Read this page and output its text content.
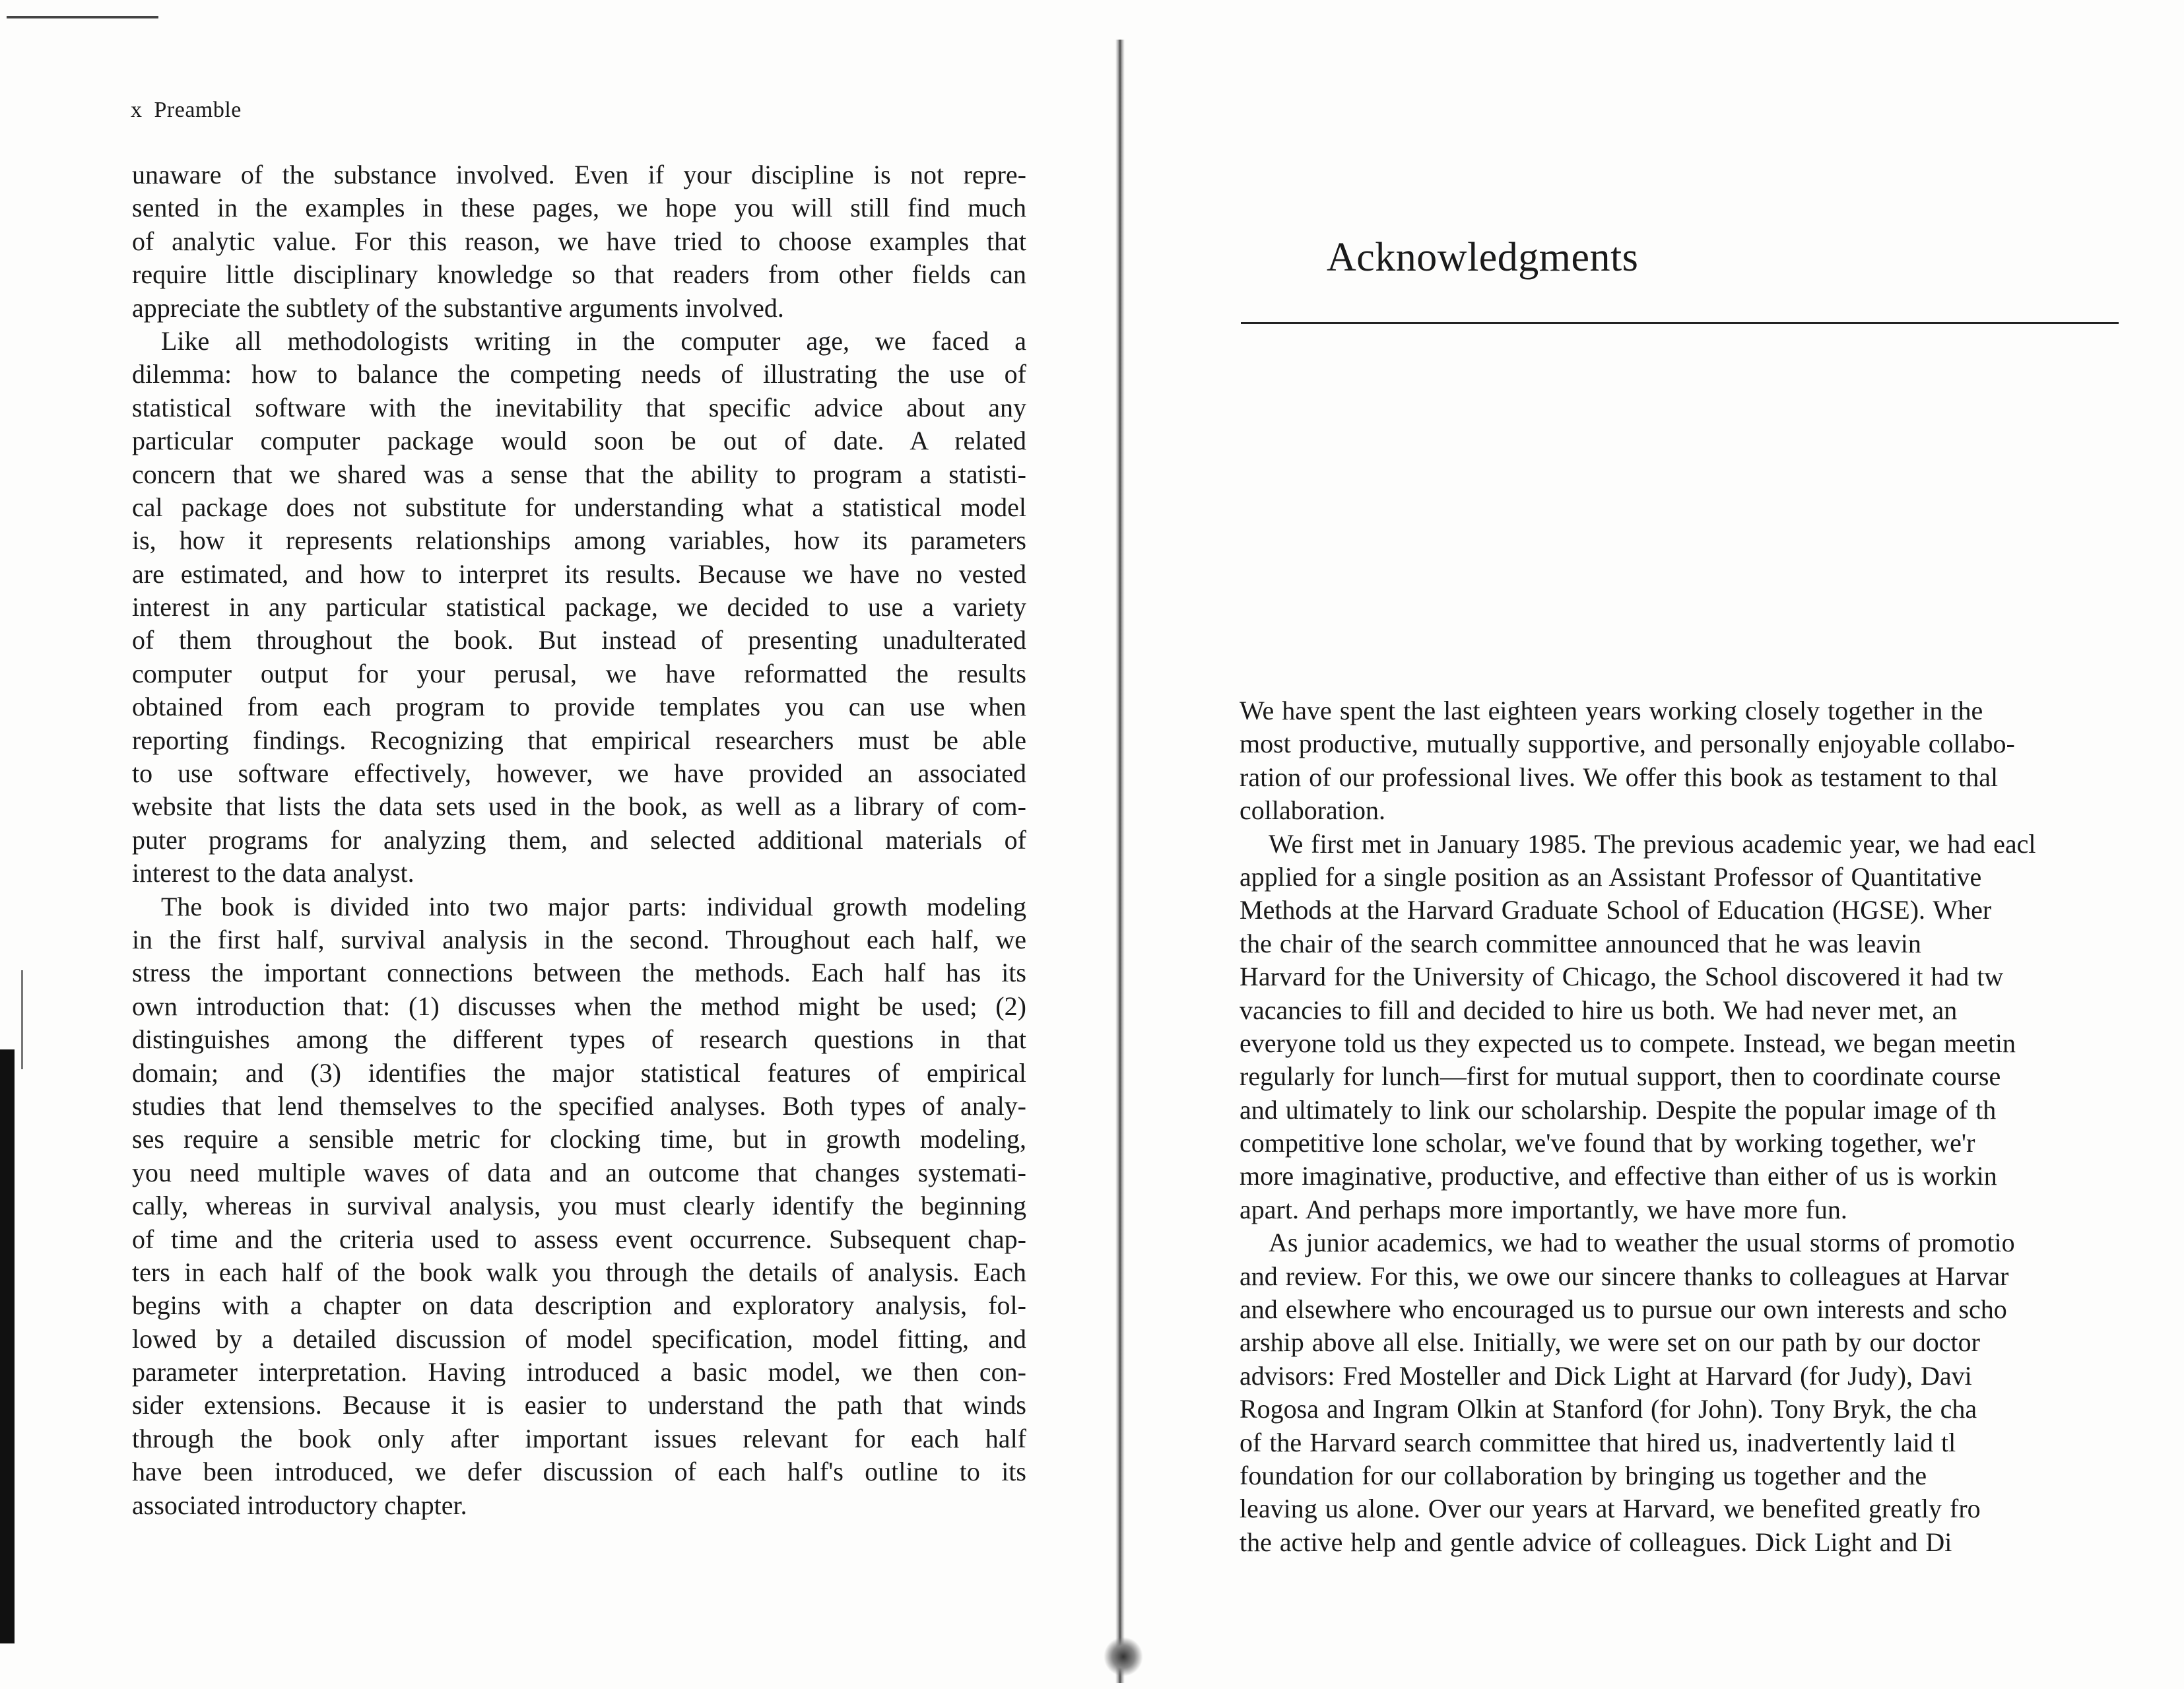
x Preamble
unaware of the substance involved. Even if your discipline is not repre-
sented in the examples in these pages, we hope you will still find much
of analytic value. For this reason, we have tried to choose examples that
require little disciplinary knowledge so that readers from other fields can
appreciate the subtlety of the substantive arguments involved.
Like all methodologists writing in the computer age, we faced a
dilemma: how to balance the competing needs of illustrating the use of
statistical software with the inevitability that specific advice about any
particular computer package would soon be out of date. A related
concern that we shared was a sense that the ability to program a statisti-
cal package does not substitute for understanding what a statistical model
is, how it represents relationships among variables, how its parameters
are estimated, and how to interpret its results. Because we have no vested
interest in any particular statistical package, we decided to use a variety
of them throughout the book. But instead of presenting unadulterated
computer output for your perusal, we have reformatted the results
obtained from each program to provide templates you can use when
reporting findings. Recognizing that empirical researchers must be able
to use software effectively, however, we have provided an associated
website that lists the data sets used in the book, as well as a library of com-
puter programs for analyzing them, and selected additional materials of
interest to the data analyst.
The book is divided into two major parts: individual growth modeling
in the first half, survival analysis in the second. Throughout each half, we
stress the important connections between the methods. Each half has its
own introduction that: (1) discusses when the method might be used; (2)
distinguishes among the different types of research questions in that
domain; and (3) identifies the major statistical features of empirical
studies that lend themselves to the specified analyses. Both types of analy-
ses require a sensible metric for clocking time, but in growth modeling,
you need multiple waves of data and an outcome that changes systemati-
cally, whereas in survival analysis, you must clearly identify the beginning
of time and the criteria used to assess event occurrence. Subsequent chap-
ters in each half of the book walk you through the details of analysis. Each
begins with a chapter on data description and exploratory analysis, fol-
lowed by a detailed discussion of model specification, model fitting, and
parameter interpretation. Having introduced a basic model, we then con-
sider extensions. Because it is easier to understand the path that winds
through the book only after important issues relevant for each half
have been introduced, we defer discussion of each half's outline to its
associated introductory chapter.
Acknowledgments
We have spent the last eighteen years working closely together in the
most productive, mutually supportive, and personally enjoyable collabo-
ration of our professional lives. We offer this book as testament to thal
collaboration.
We first met in January 1985. The previous academic year, we had eacl
applied for a single position as an Assistant Professor of Quantitative
Methods at the Harvard Graduate School of Education (HGSE). Wher
the chair of the search committee announced that he was leavin
Harvard for the University of Chicago, the School discovered it had tw
vacancies to fill and decided to hire us both. We had never met, an
everyone told us they expected us to compete. Instead, we began meetin
regularly for lunch—first for mutual support, then to coordinate course
and ultimately to link our scholarship. Despite the popular image of th
competitive lone scholar, we've found that by working together, we'r
more imaginative, productive, and effective than either of us is workin
apart. And perhaps more importantly, we have more fun.
As junior academics, we had to weather the usual storms of promotio
and review. For this, we owe our sincere thanks to colleagues at Harvar
and elsewhere who encouraged us to pursue our own interests and scho
arship above all else. Initially, we were set on our path by our doctor
advisors: Fred Mosteller and Dick Light at Harvard (for Judy), Davi
Rogosa and Ingram Olkin at Stanford (for John). Tony Bryk, the cha
of the Harvard search committee that hired us, inadvertently laid tl
foundation for our collaboration by bringing us together and the
leaving us alone. Over our years at Harvard, we benefited greatly fro
the active help and gentle advice of colleagues. Dick Light and Di
